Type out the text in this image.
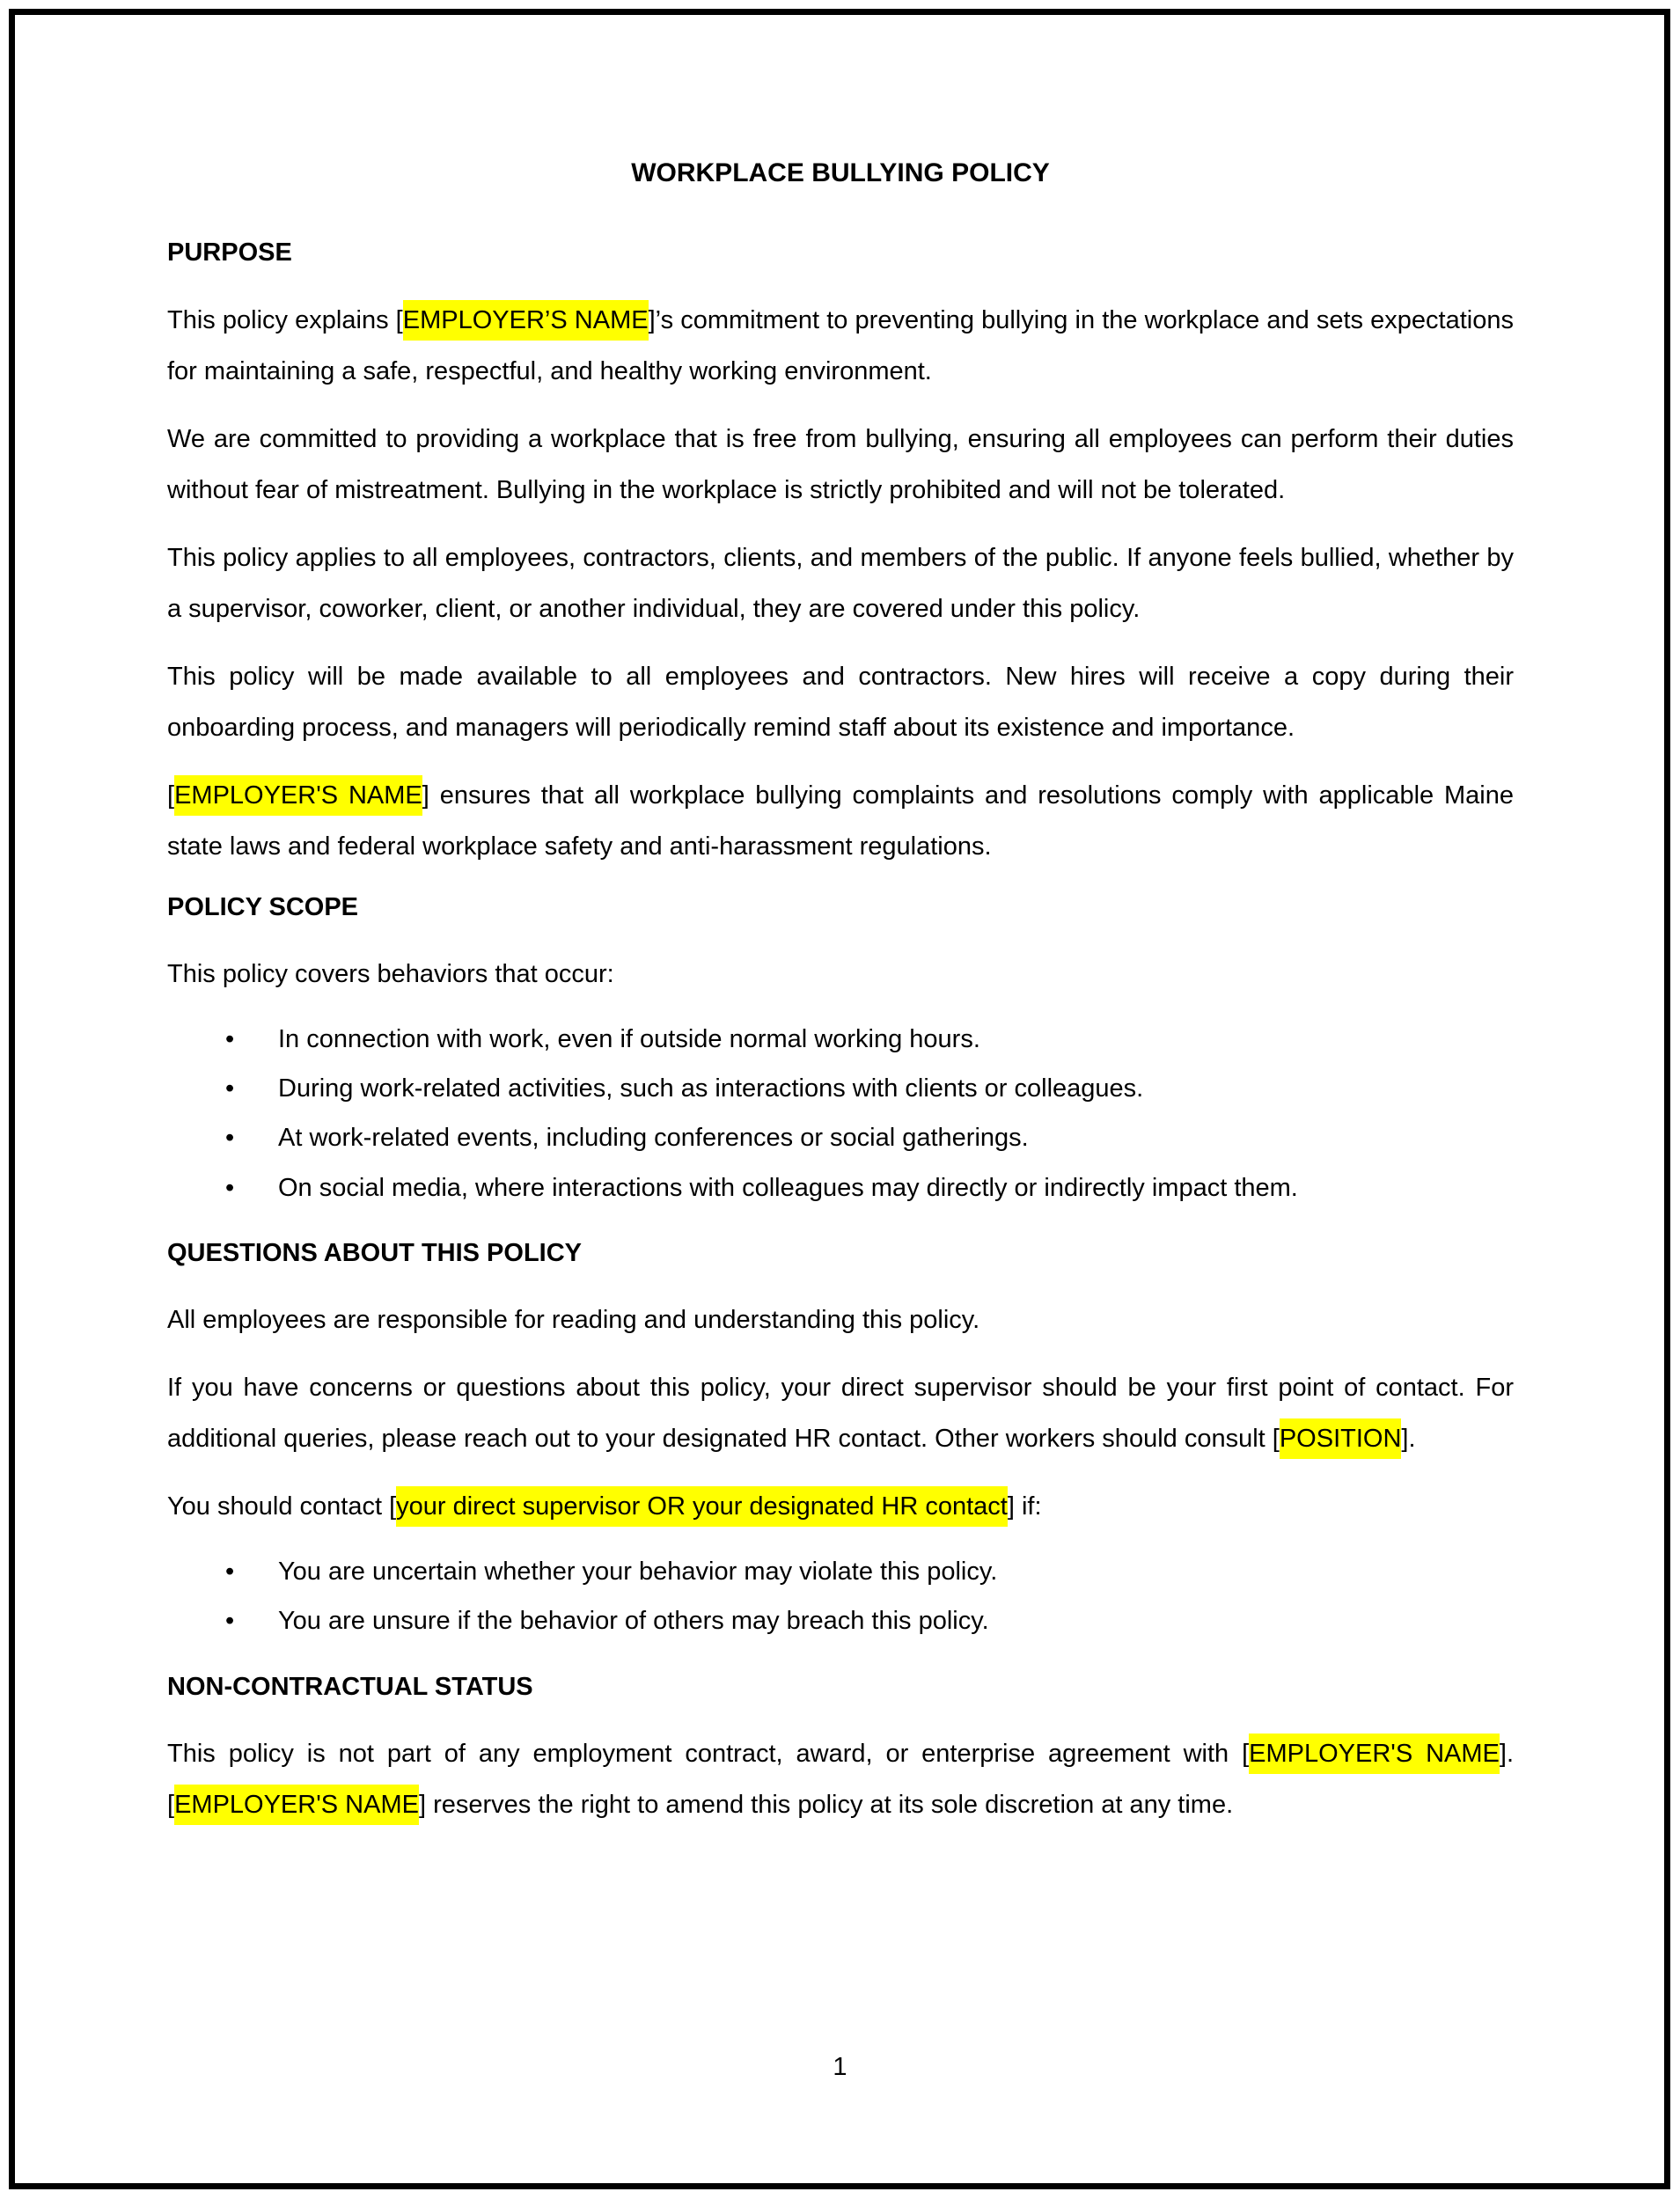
WORKPLACE BULLYING POLICY
PURPOSE

This policy explains [EMPLOYER’S NAME]’s commitment to preventing bullying in the workplace and sets expectations for maintaining a safe, respectful, and healthy working environment.

We are committed to providing a workplace that is free from bullying, ensuring all employees can perform their duties without fear of mistreatment. Bullying in the workplace is strictly prohibited and will not be tolerated.

This policy applies to all employees, contractors, clients, and members of the public. If anyone feels bullied, whether by a supervisor, coworker, client, or another individual, they are covered under this policy.

This policy will be made available to all employees and contractors. New hires will receive a copy during their onboarding process, and managers will periodically remind staff about its existence and importance.

[EMPLOYER'S NAME] ensures that all workplace bullying complaints and resolutions comply with applicable Maine state laws and federal workplace safety and anti-harassment regulations.

POLICY SCOPE

This policy covers behaviors that occur:

• In connection with work, even if outside normal working hours.
• During work-related activities, such as interactions with clients or colleagues.
• At work-related events, including conferences or social gatherings.
• On social media, where interactions with colleagues may directly or indirectly impact them.
QUESTIONS ABOUT THIS POLICY

All employees are responsible for reading and understanding this policy.

If you have concerns or questions about this policy, your direct supervisor should be your first point of contact. For additional queries, please reach out to your designated HR contact. Other workers should consult [POSITION].

You should contact [your direct supervisor OR your designated HR contact] if:

• You are uncertain whether your behavior may violate this policy.
• You are unsure if the behavior of others may breach this policy.
NON-CONTRACTUAL STATUS

This policy is not part of any employment contract, award, or enterprise agreement with [EMPLOYER'S NAME]. [EMPLOYER'S NAME] reserves the right to amend this policy at its sole discretion at any time.

1
